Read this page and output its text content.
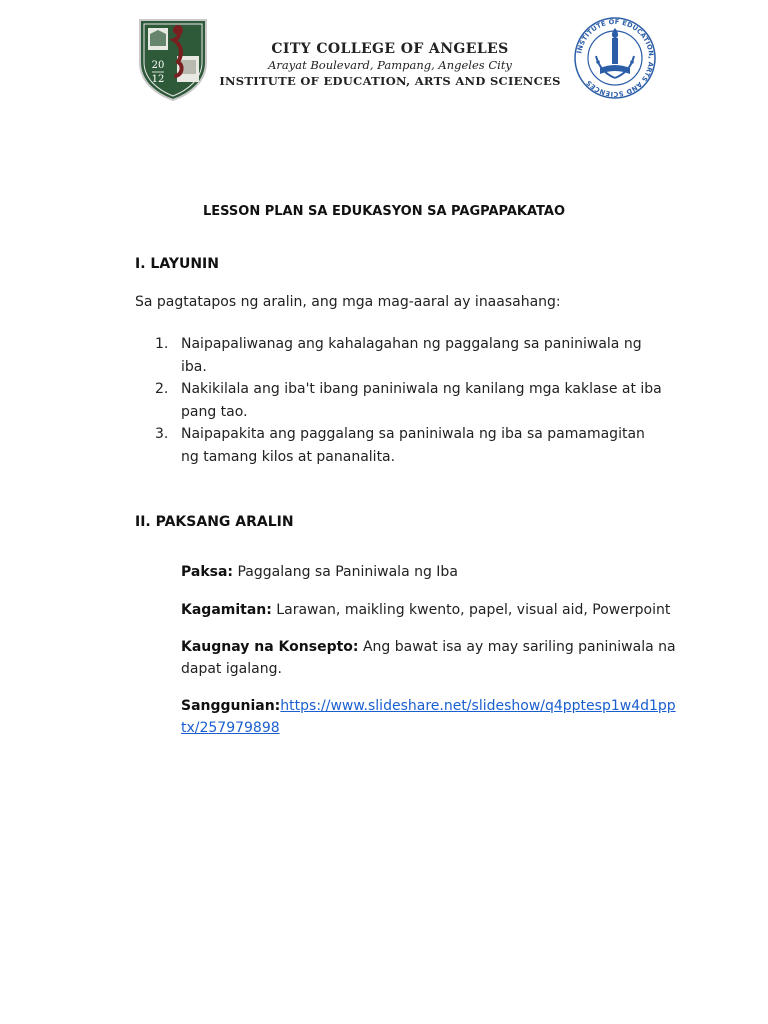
20
12
CITY COLLEGE OF ANGELES
Arayat Boulevard, Pampang, Angeles City
INSTITUTE OF EDUCATION, ARTS AND SCIENCES
INSTITUTE OF EDUCATION, ARTS AND SCIENCES
LESSON PLAN SA EDUKASYON SA PAGPAPAKATAO
I. LAYUNIN
Sa pagtatapos ng aralin, ang mga mag-aaral ay inaasahang:
1. Naipapaliwanag ang kahalagahan ng paggalang sa paniniwala ng iba.
2. Nakikilala ang iba't ibang paniniwala ng kanilang mga kaklase at iba pang tao.
3. Naipapakita ang paggalang sa paniniwala ng iba sa pamamagitan ng tamang kilos at pananalita.
II. PAKSANG ARALIN
Paksa: Paggalang sa Paniniwala ng Iba
Kagamitan: Larawan, maikling kwento, papel, visual aid, Powerpoint
Kaugnay na Konsepto: Ang bawat isa ay may sariling paniniwala na dapat igalang.
Sanggunian:https://www.slideshare.net/slideshow/q4pptesp1w4d1pptx/257979898
